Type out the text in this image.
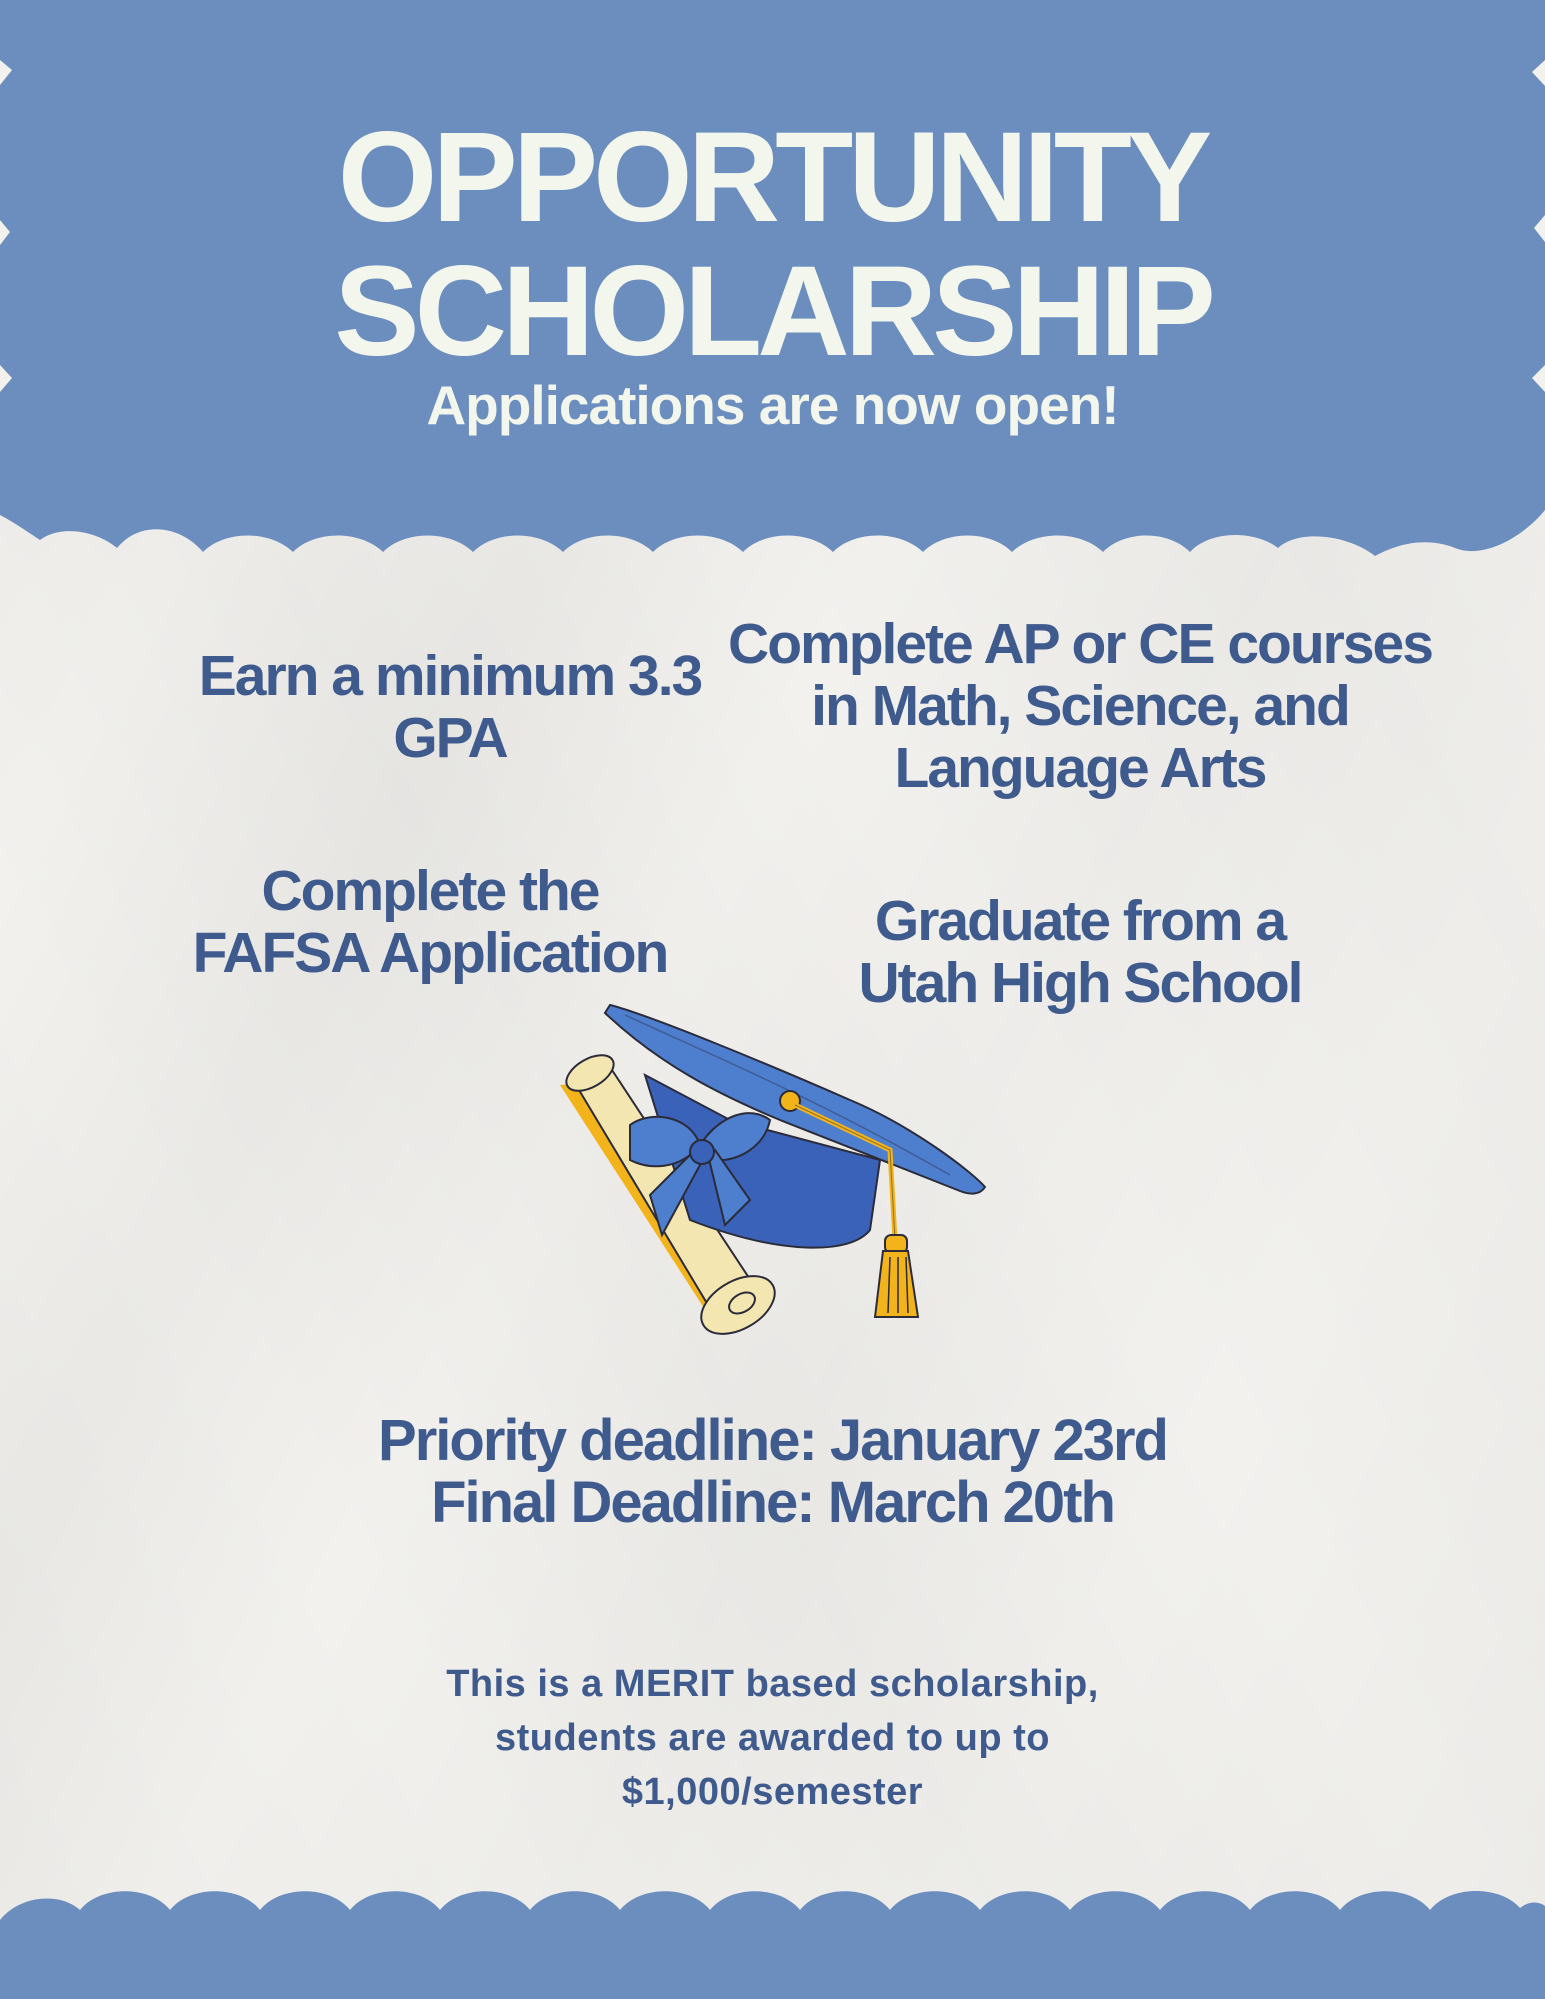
OPPORTUNITY
SCHOLARSHIP

Applications are now open!

Earn a minimum 3.3 GPA

Complete AP or CE courses in Math, Science, and Language Arts

Complete the FAFSA Application	Graduate from a Utah High School

Priority deadline: January 23rd
Final Deadline: March 20th
This is a MERIT based scholarship,
students are awarded to up to
$1,000/semester
